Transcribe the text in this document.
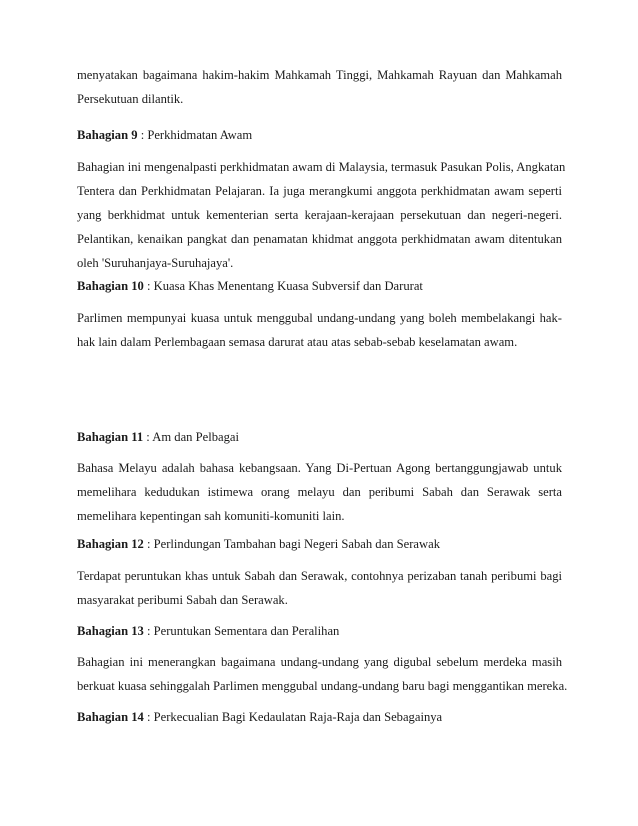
menyatakan bagaimana hakim-hakim Mahkamah Tinggi, Mahkamah Rayuan dan Mahkamah
Persekutuan dilantik.
Bahagian 9 : Perkhidmatan Awam
Bahagian ini mengenalpasti perkhidmatan awam di Malaysia, termasuk Pasukan Polis, Angkatan
Tentera dan Perkhidmatan Pelajaran. Ia juga merangkumi anggota perkhidmatan awam seperti
yang berkhidmat untuk kementerian serta kerajaan-kerajaan persekutuan dan negeri-negeri.
Pelantikan, kenaikan pangkat dan penamatan khidmat anggota perkhidmatan awam ditentukan
oleh 'Suruhanjaya-Suruhajaya'.
Bahagian 10 : Kuasa Khas Menentang Kuasa Subversif dan Darurat
Parlimen mempunyai kuasa untuk menggubal undang-undang yang boleh membelakangi hak-
hak lain dalam Perlembagaan semasa darurat atau atas sebab-sebab keselamatan awam.
Bahagian 11 : Am dan Pelbagai
Bahasa Melayu adalah bahasa kebangsaan. Yang Di-Pertuan Agong bertanggungjawab untuk
memelihara kedudukan istimewa orang melayu dan peribumi Sabah dan Serawak serta
memelihara kepentingan sah komuniti-komuniti lain.
Bahagian 12 : Perlindungan Tambahan bagi Negeri Sabah dan Serawak
Terdapat peruntukan khas untuk Sabah dan Serawak, contohnya perizaban tanah peribumi bagi
masyarakat peribumi Sabah dan Serawak.
Bahagian 13 : Peruntukan Sementara dan Peralihan
Bahagian ini menerangkan bagaimana undang-undang yang digubal sebelum merdeka masih
berkuat kuasa sehinggalah Parlimen menggubal undang-undang baru bagi menggantikan mereka.
Bahagian 14 : Perkecualian Bagi Kedaulatan Raja-Raja dan Sebagainya
